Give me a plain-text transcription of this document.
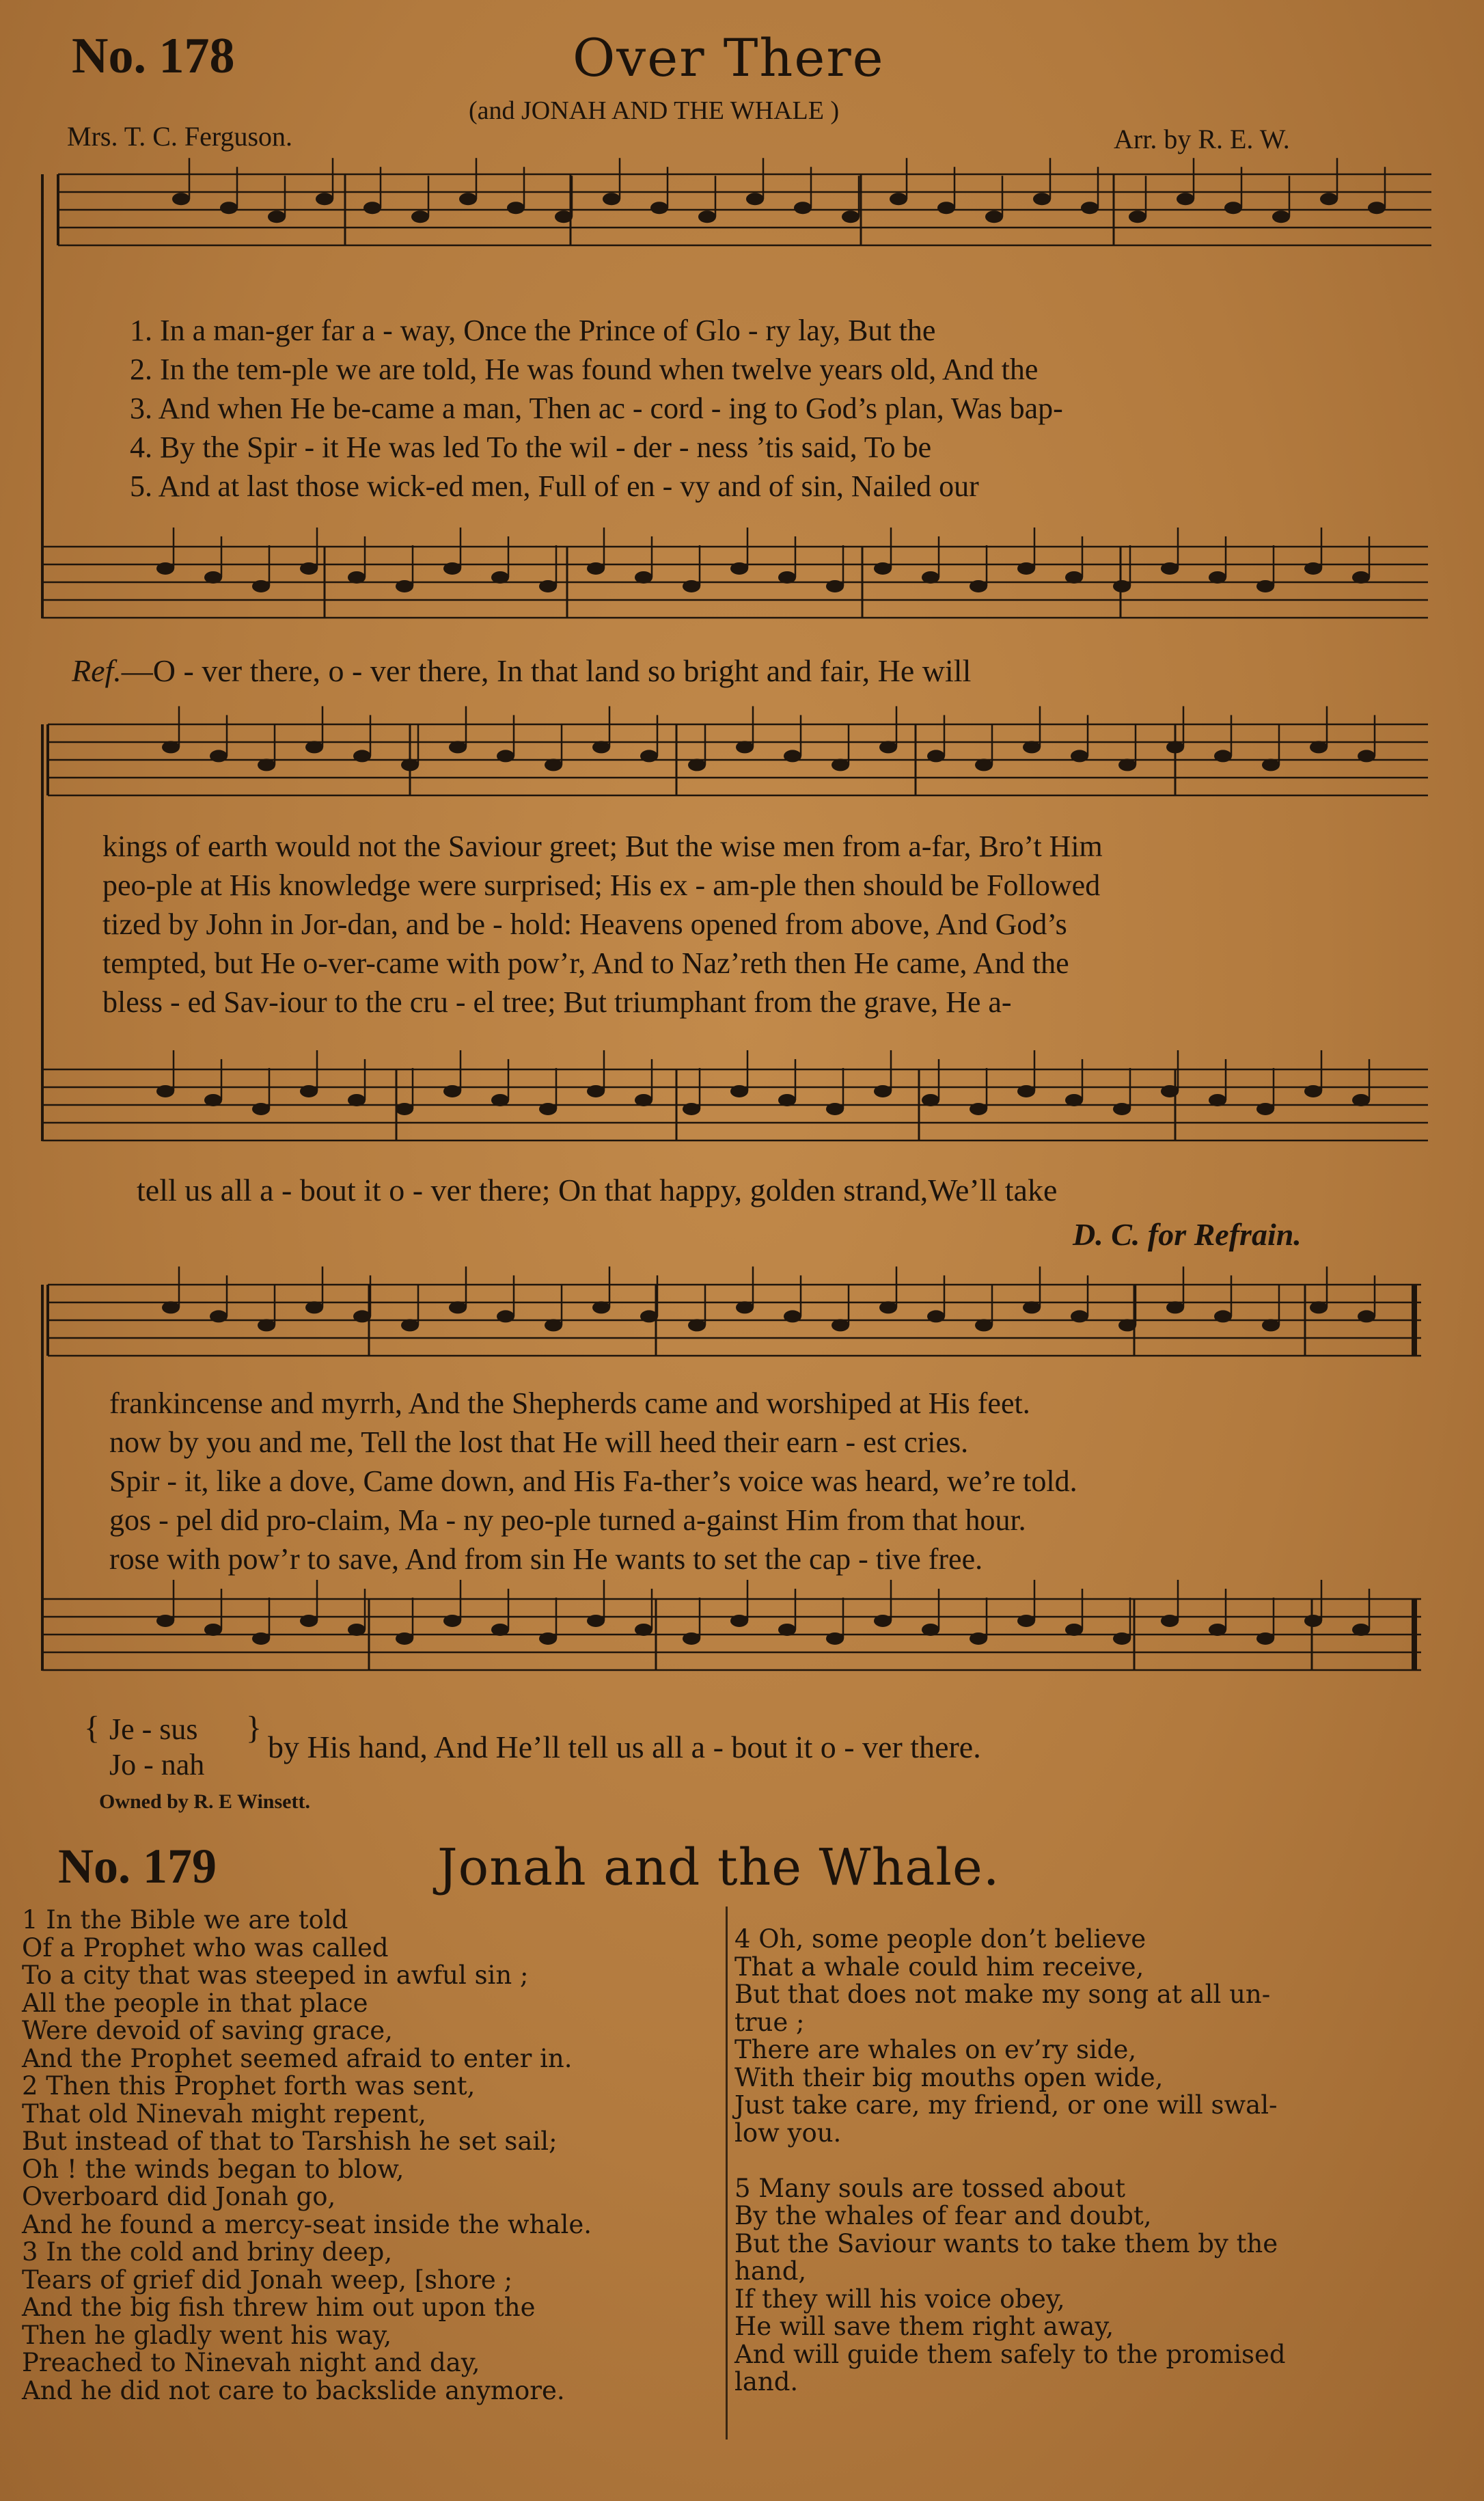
No. 178	Over There
(and JONAH AND THE WHALE )
Mrs. T. C. Ferguson.	Arr. by R. E. W.
1. In a man-ger far a - way, Once the Prince of Glo - ry lay, But the
2. In the tem-ple we are told, He was found when twelve years old, And the
3. And when He be-came a man, Then ac - cord - ing to God’s plan, Was bap-
4. By the Spir - it He was led To the wil - der - ness ’tis said, To be
5. And at last those wick-ed men, Full of en - vy and of sin, Nailed our
Ref.—O - ver there, o - ver there, In that land so bright and fair, He will
kings of earth would not the Saviour greet; But the wise men from a-far, Bro’t Him
peo-ple at His knowledge were surprised; His ex - am-ple then should be Followed
tized by John in Jor-dan, and be - hold: Heavens opened from above, And God’s
tempted, but He o-ver-came with pow’r, And to Naz’reth then He came, And the
bless - ed Sav-iour to the cru - el tree; But triumphant from the grave, He a-
tell us all a - bout it o - ver there; On that happy, golden strand,We’ll take
D. C. for Refrain.
frankincense and myrrh, And the Shepherds came and worshiped at His feet.
now by you and me, Tell the lost that He will heed their earn - est cries.
Spir - it, like a dove, Came down, and His Fa-ther’s voice was heard, we’re told.
gos - pel did pro-claim, Ma - ny peo-ple turned a-gainst Him from that hour.
rose with pow’r to save, And from sin He wants to set the cap - tive free.
{ Je - sus
Jo - nah
}
by His hand, And He’ll tell us all a - bout it o - ver there.
Owned by R. E Winsett.
No. 179	Jonah and the Whale.
1 In the Bible we are told
Of a Prophet who was called
To a city that was steeped in awful sin ;
All the people in that place
Were devoid of saving grace,
And the Prophet seemed afraid to enter in.
2 Then this Prophet forth was sent,
That old Ninevah might repent,
But instead of that to Tarshish he set sail;
Oh ! the winds began to blow,
Overboard did Jonah go,
And he found a mercy-seat inside the whale.
3 In the cold and briny deep,
Tears of grief did Jonah weep, [shore ;
And the big fish threw him out upon the
Then he gladly went his way,
Preached to Ninevah night and day,
And he did not care to backslide anymore.
4 Oh, some people don’t believe
That a whale could him receive,
But that does not make my song at all un-
true ;
There are whales on ev’ry side,
With their big mouths open wide,
Just take care, my friend, or one will swal-
low you.
5 Many souls are tossed about
By the whales of fear and doubt,
But the Saviour wants to take them by the
hand,
If they will his voice obey,
He will save them right away,
And will guide them safely to the promised
land.
